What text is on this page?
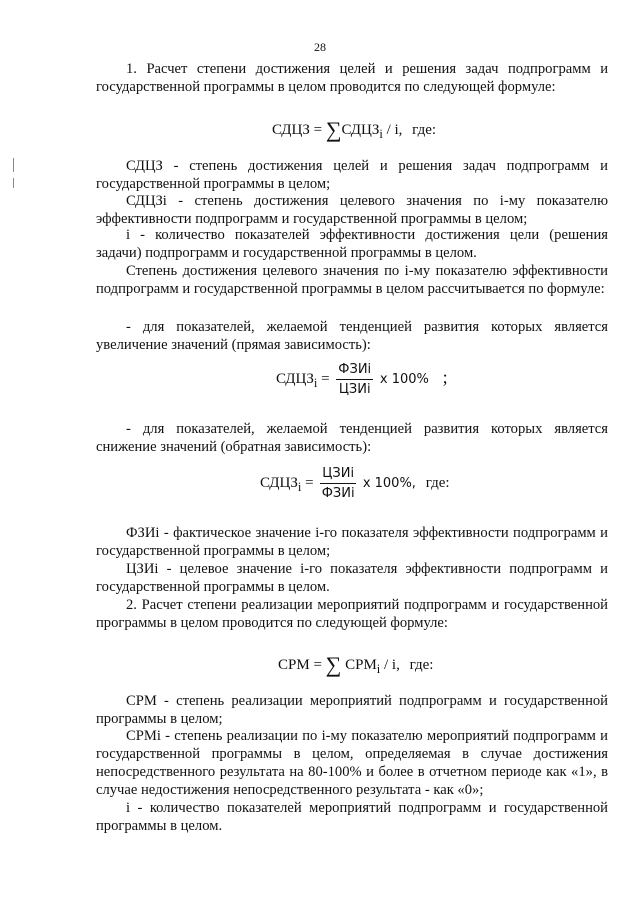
28

1. Расчет степени достижения целей и решения задач подпрограмм и государственной программы в целом проводится по следующей формуле:

СДЦЗ = $\sum СДЦЗ_i$ / i, где:

СДЦЗ - степень достижения целей и решения задач подпрограмм и государственной программы в целом;

СДЦЗi - степень достижения целевого значения по i-му показателю эффективности подпрограмм и государственной программы в целом;

i - количество показателей эффективности достижения цели (решения задачи) подпрограмм и государственной программы в целом.

Степень достижения целевого значения по i-му показателю эффективности подпрограмм и государственной программы в целом рассчитывается по формуле:

- для показателей, желаемой тенденцией развития которых является увеличение значений (прямая зависимость):

$СДЦЗ_i = \frac{\text{ФЗИi}}{\text{ЦЗИi}}$ x 100% ;

- для показателей, желаемой тенденцией развития которых является снижение значений (обратная зависимость):

$СДЦЗ_i = \frac{\text{ЦЗИi}}{\text{ФЗИi}}$ x 100%, где:

ФЗИi - фактическое значение i-го показателя эффективности подпрограмм и государственной программы в целом;

ЦЗИi - целевое значение i-го показателя эффективности подпрограмм и государственной программы в целом.

2. Расчет степени реализации мероприятий подпрограмм и государственной программы в целом проводится по следующей формуле:

СРМ = ∑ $СРМ_i$ / i, где:

СРМ - степень реализации мероприятий подпрограмм и государственной программы в целом;

СРМi - степень реализации по i-му показателю мероприятий подпрограмм и государственной программы в целом, определяемая в случае достижения непосредственного результата на 80-100% и более в отчетном периоде как «1», в случае недостижения непосредственного результата - как «0»;

i - количество показателей мероприятий подпрограмм и государственной программы в целом.
